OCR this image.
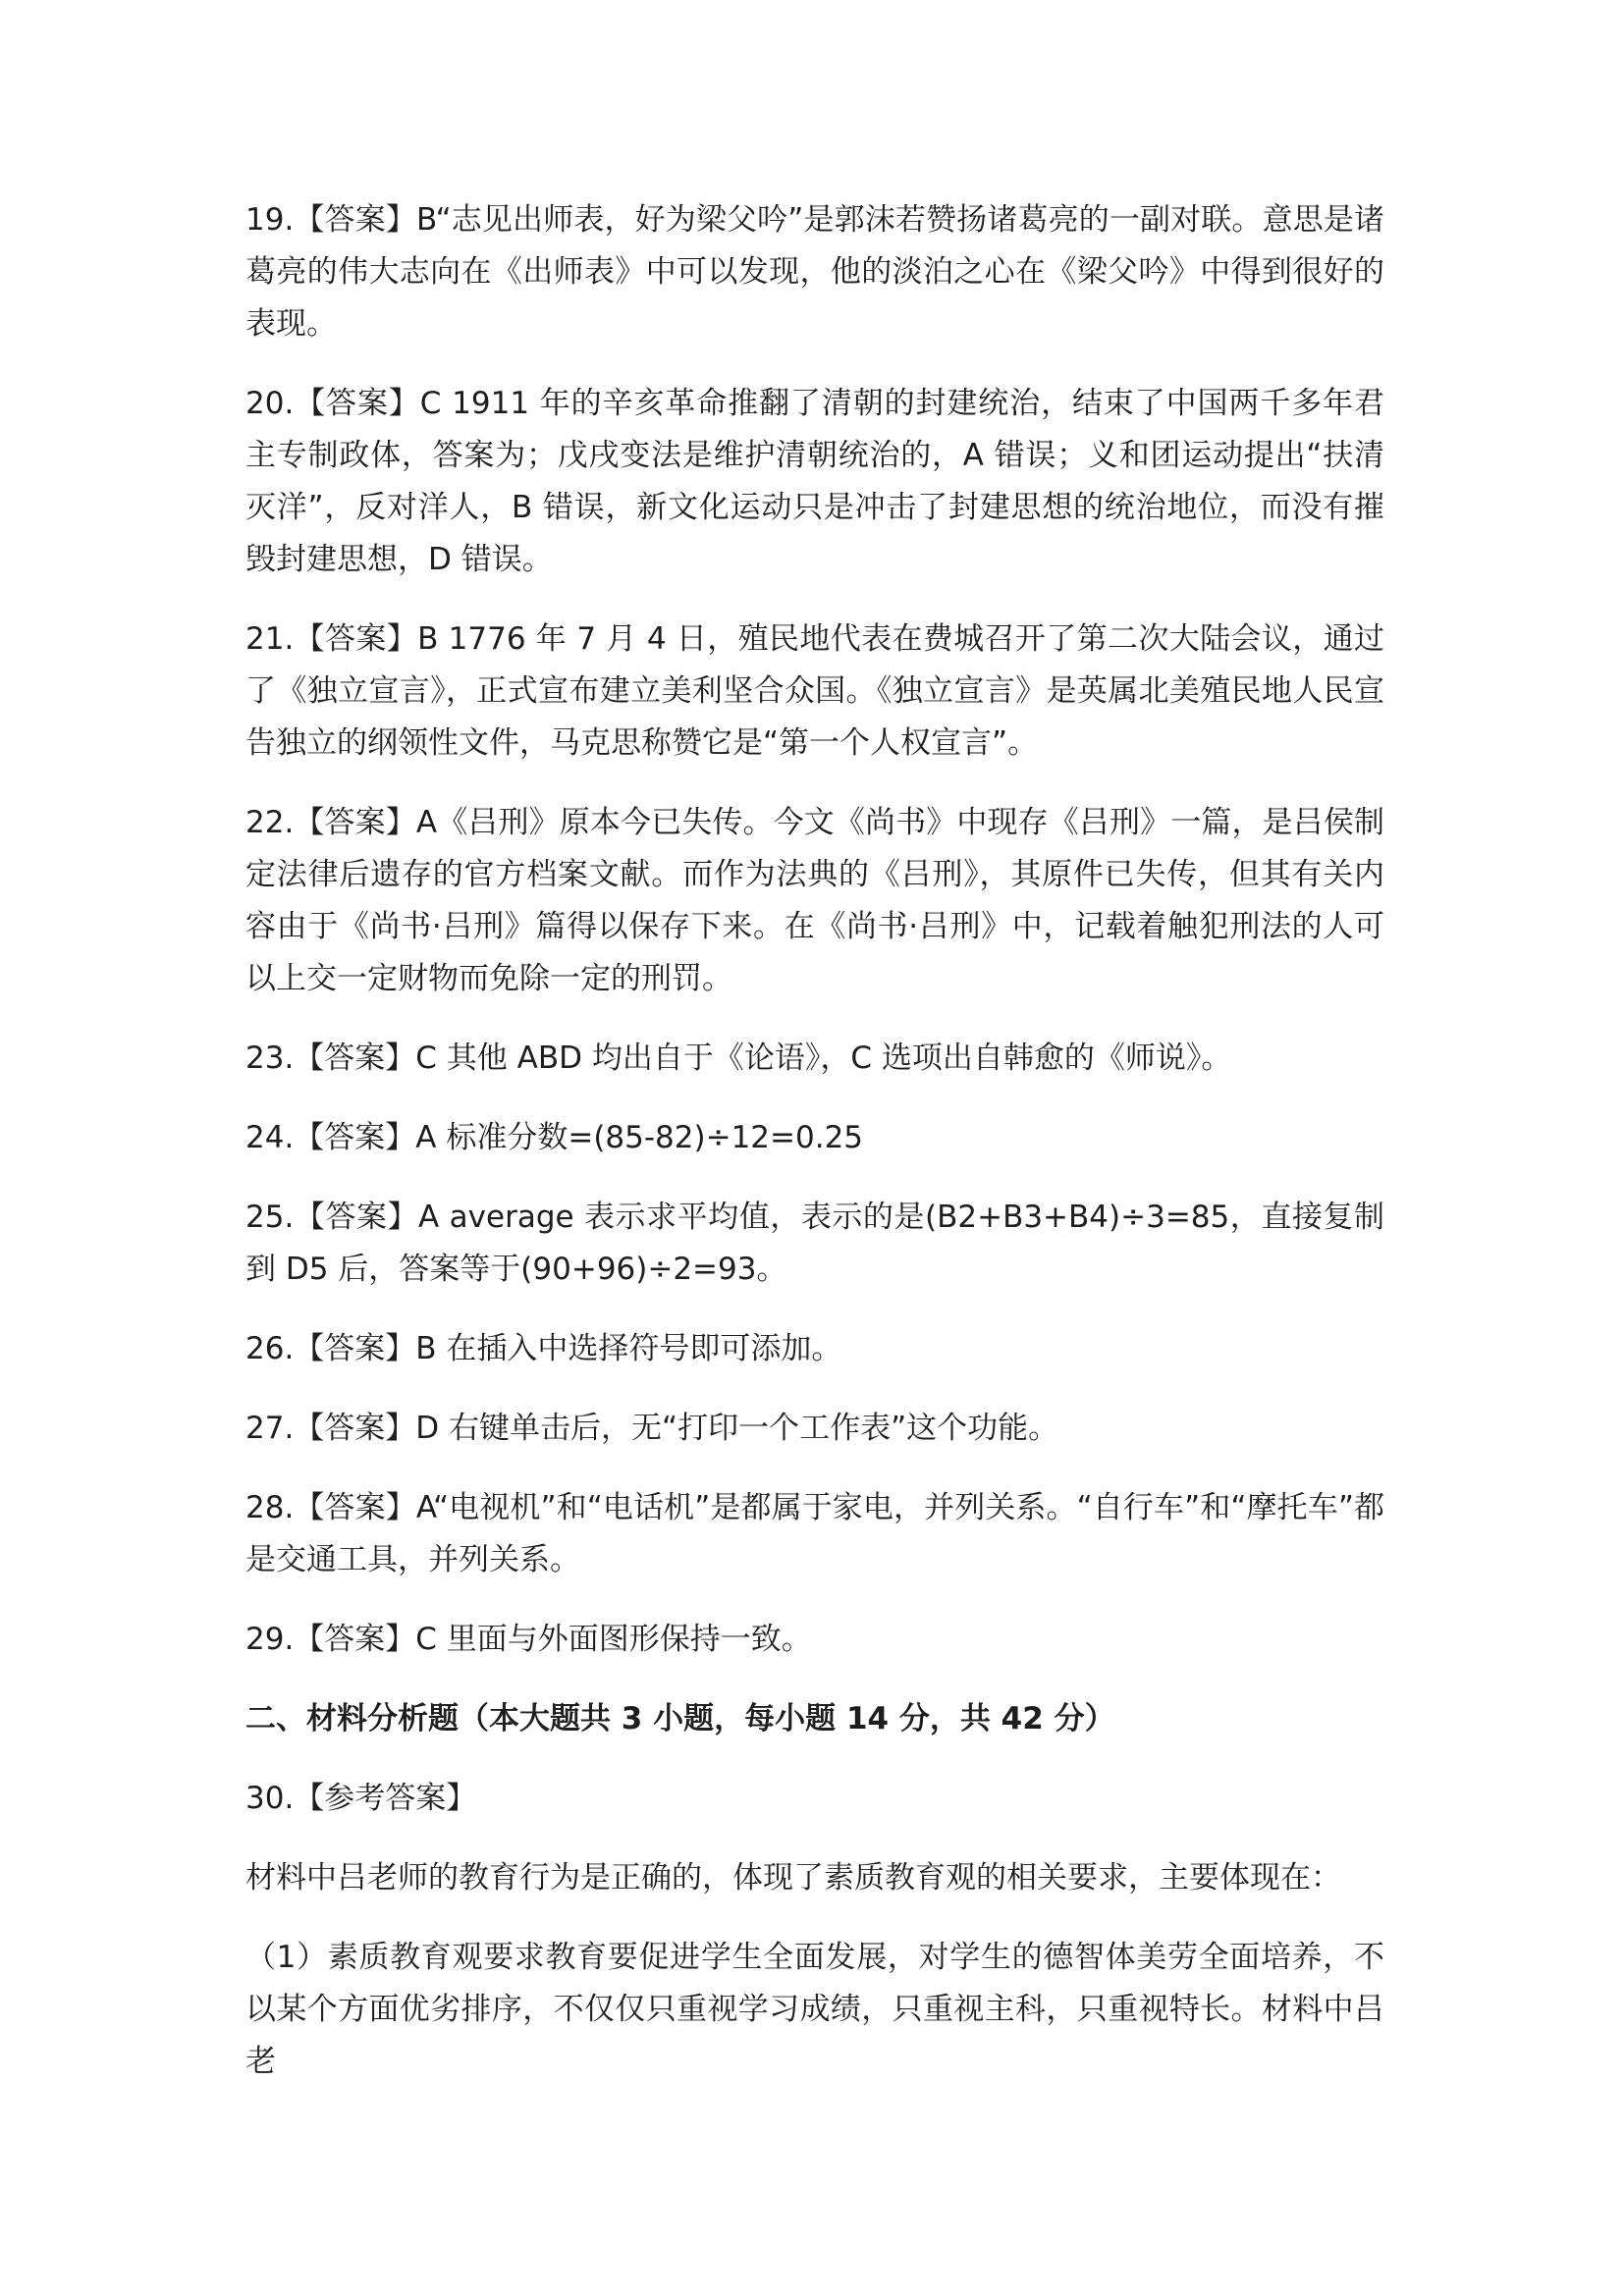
19.【答案】B“志见出师表，好为梁父吟”是郭沫若赞扬诸葛亮的一副对联。意思是诸葛亮的伟大志向在《出师表》中可以发现，他的淡泊之心在《梁父吟》中得到很好的表现。

20.【答案】C 1911 年的辛亥革命推翻了清朝的封建统治，结束了中国两千多年君主专制政体，答案为；戊戌变法是维护清朝统治的，A 错误；义和团运动提出“扶清灭洋”，反对洋人，B 错误，新文化运动只是冲击了封建思想的统治地位，而没有摧毁封建思想，D 错误。

21.【答案】B 1776 年 7 月 4 日，殖民地代表在费城召开了第二次大陆会议，通过了《独立宣言》，正式宣布建立美利坚合众国。《独立宣言》是英属北美殖民地人民宣告独立的纲领性文件，马克思称赞它是“第一个人权宣言”。

22.【答案】A《吕刑》原本今已失传。今文《尚书》中现存《吕刑》一篇，是吕侯制定法律后遗存的官方档案文献。而作为法典的《吕刑》，其原件已失传，但其有关内容由于《尚书·吕刑》篇得以保存下来。在《尚书·吕刑》中，记载着触犯刑法的人可以上交一定财物而免除一定的刑罚。

23.【答案】C 其他 ABD 均出自于《论语》，C 选项出自韩愈的《师说》。

24.【答案】A 标准分数=(85-82)÷12=0.25

25.【答案】A average 表示求平均值，表示的是(B2+B3+B4)÷3=85，直接复制到 D5 后，答案等于(90+96)÷2=93。

26.【答案】B 在插入中选择符号即可添加。

27.【答案】D 右键单击后，无“打印一个工作表”这个功能。

28.【答案】A“电视机”和“电话机”是都属于家电，并列关系。“自行车”和“摩托车”都是交通工具，并列关系。

29.【答案】C 里面与外面图形保持一致。

二、材料分析题（本大题共 3 小题，每小题 14 分，共 42 分）

30.【参考答案】

材料中吕老师的教育行为是正确的，体现了素质教育观的相关要求，主要体现在：

（1）素质教育观要求教育要促进学生全面发展，对学生的德智体美劳全面培养，不以某个方面优劣排序，不仅仅只重视学习成绩，只重视主科，只重视特长。材料中吕老
